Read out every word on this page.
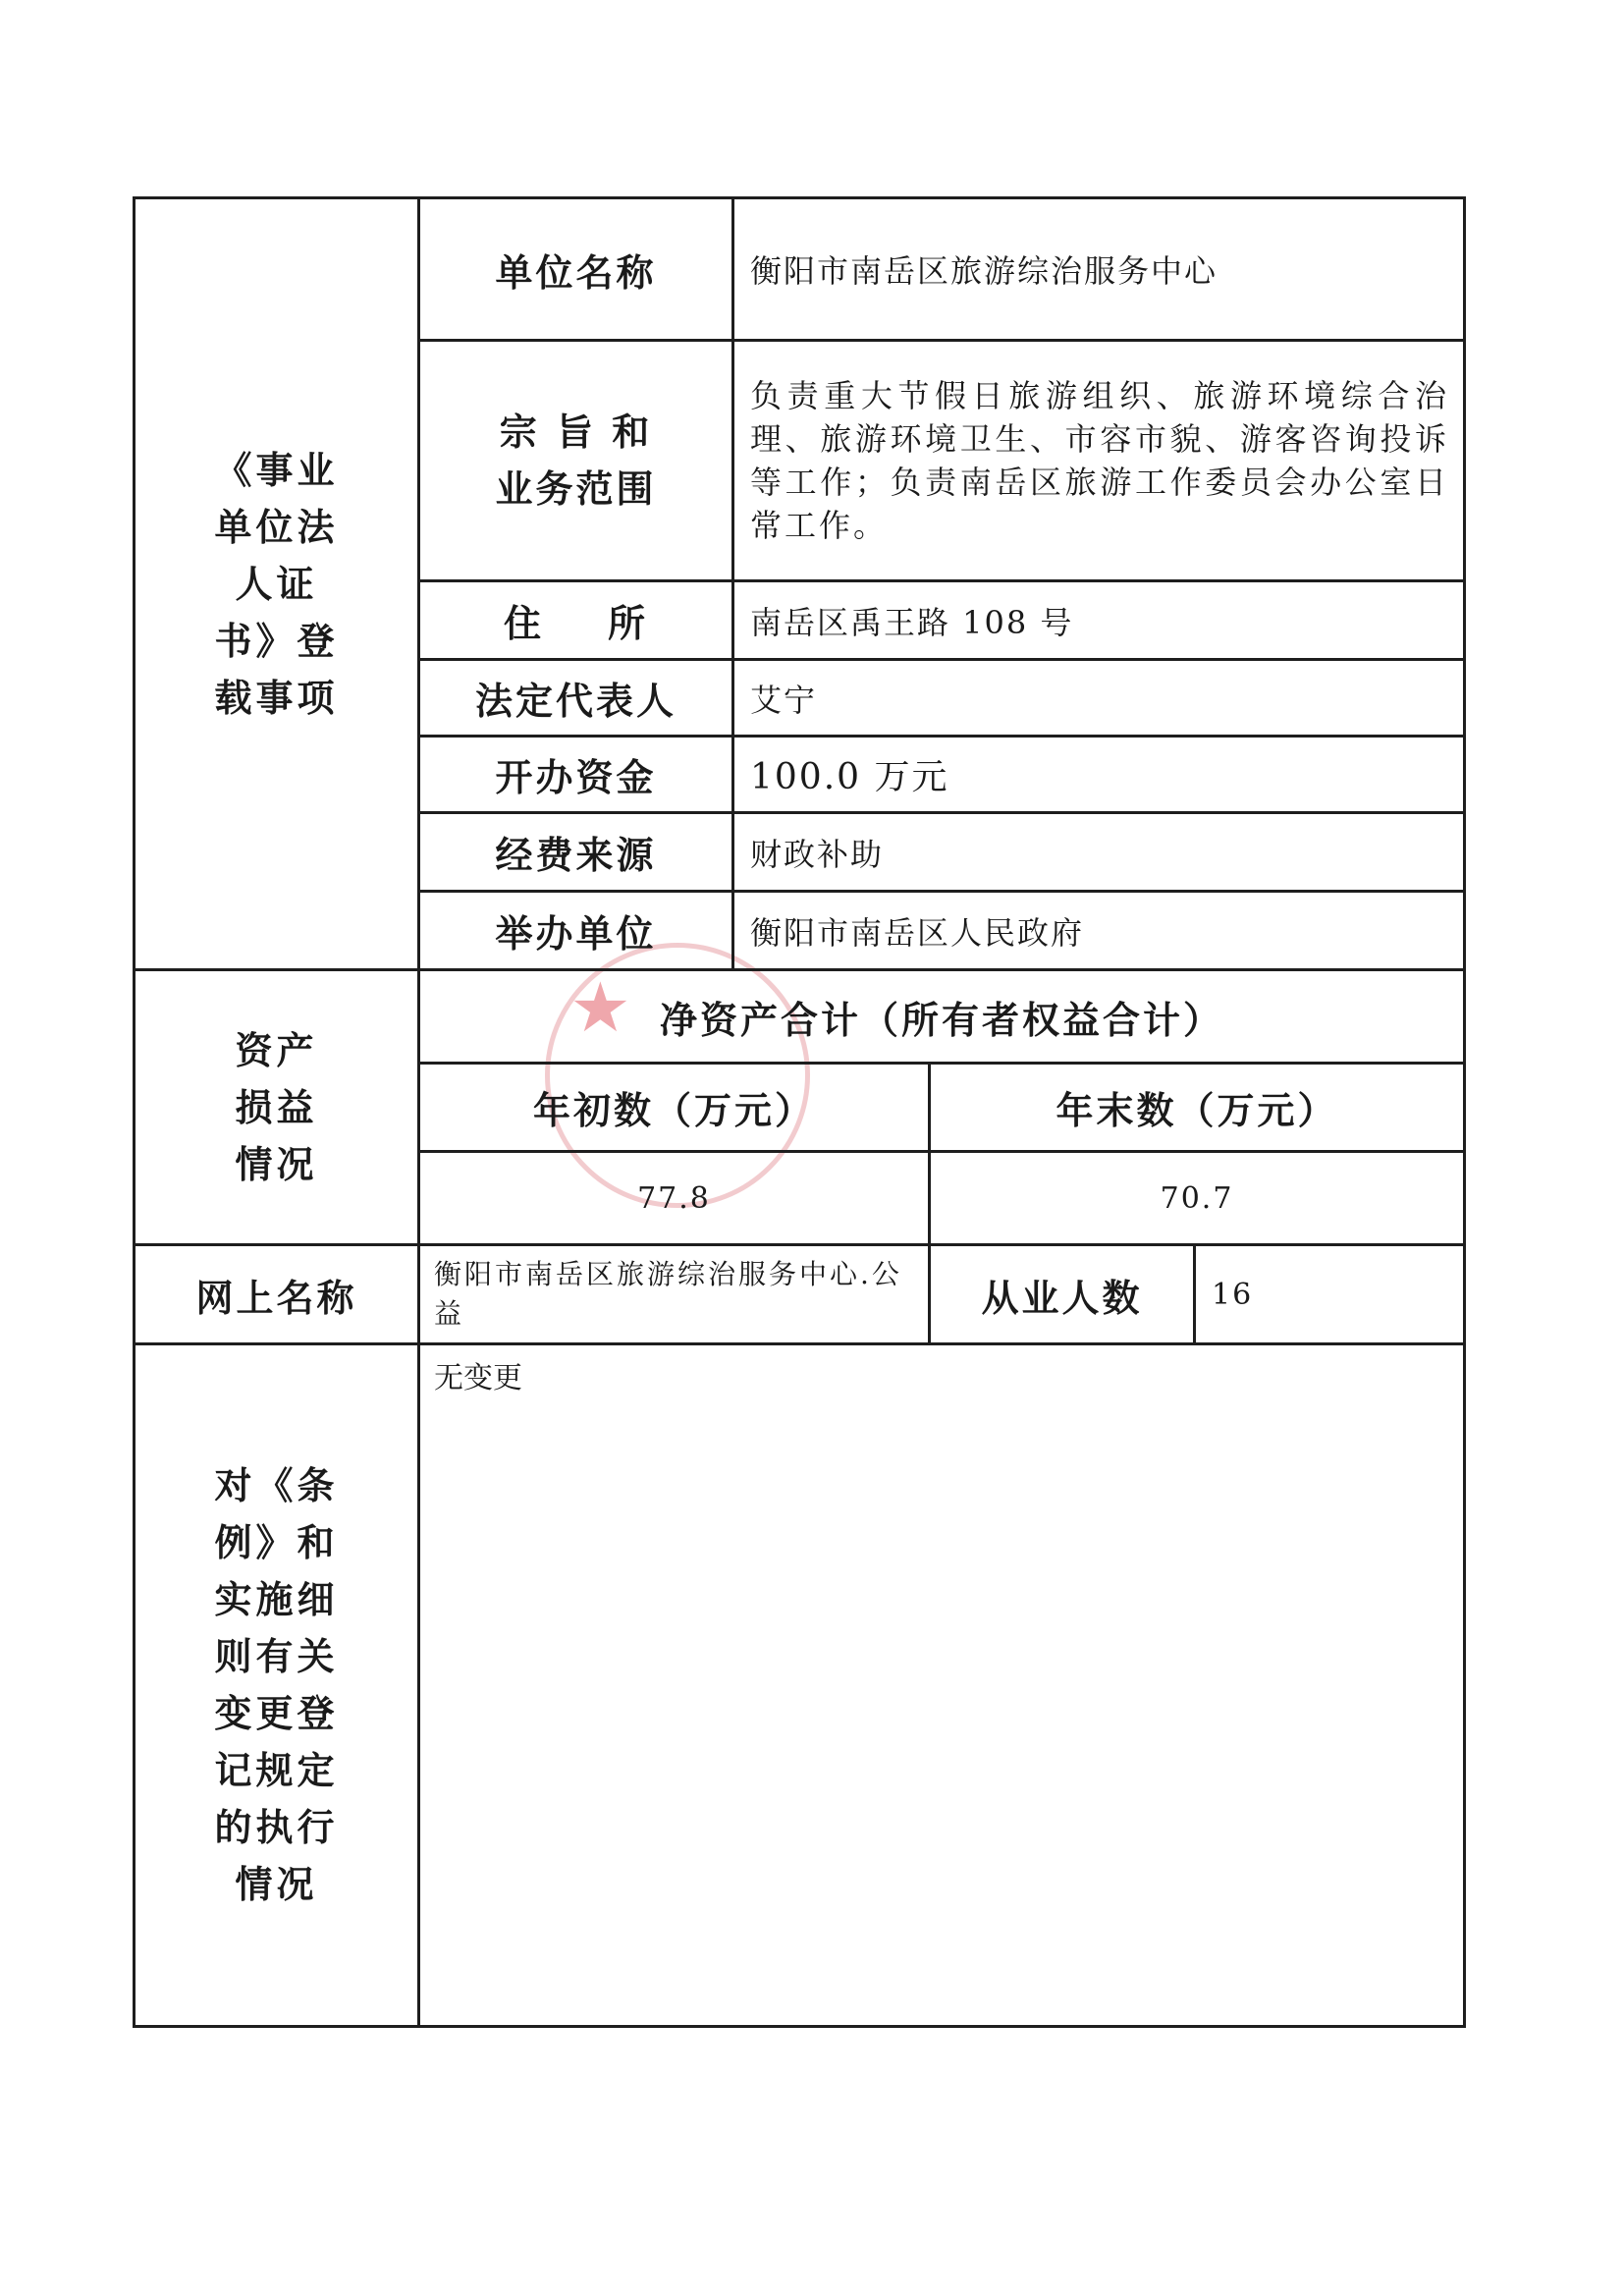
★
《事业单位法人证书》登载事项	单位名称	衡阳市南岳区旅游综治服务中心		

	宗 旨 和业务范围	负责重大节假日旅游组织、旅游环境综合治理、旅游环境卫生、市容市貌、游客咨询投诉等工作；负责南岳区旅游工作委员会办公室日常工作。		
	住    所	南岳区禹王路 108 号		
	法定代表人	艾宁		
	开办资金	100.0 万元		
	经费来源	财政补助		
	举办单位	衡阳市南岳区人民政府		

资产损益情况	净资产合计（所有者权益合计）			
	年初数（万元）		年末数（万元）	
	77.8		70.7	
网上名称	衡阳市南岳区旅游综治服务中心.公益		从业人数	16

对《条例》和实施细则有关变更登记规定的执行情况	无变更			
